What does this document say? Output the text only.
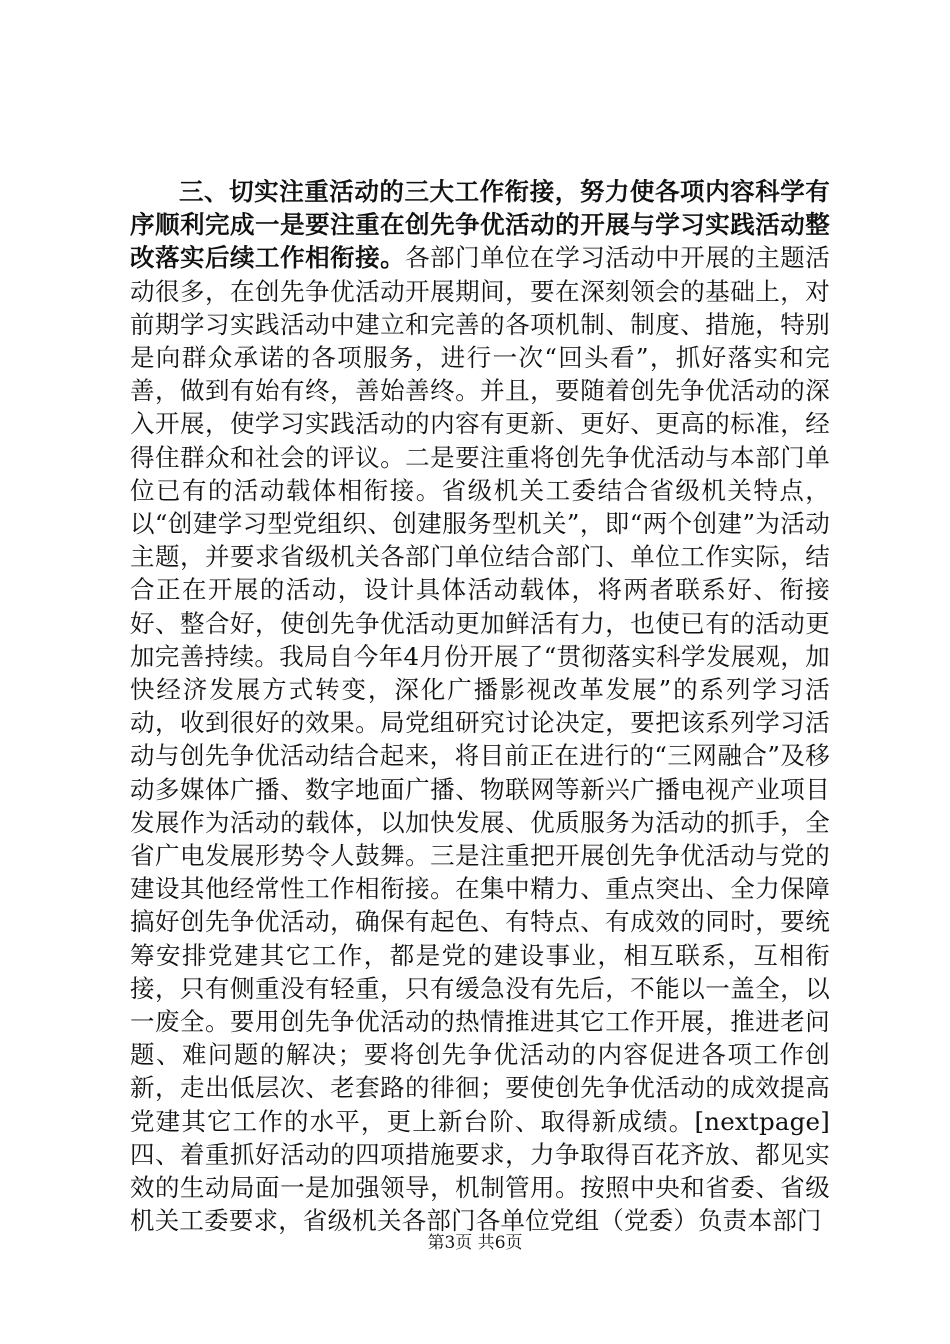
三、切实注重活动的三大工作衔接，努力使各项内容科学有序顺利完成一是要注重在创先争优活动的开展与学习实践活动整改落实后续工作相衔接。各部门单位在学习活动中开展的主题活动很多，在创先争优活动开展期间，要在深刻领会的基础上，对前期学习实践活动中建立和完善的各项机制、制度、措施，特别是向群众承诺的各项服务，进行一次“回头看”，抓好落实和完善，做到有始有终，善始善终。并且，要随着创先争优活动的深入开展，使学习实践活动的内容有更新、更好、更高的标准，经得住群众和社会的评议。二是要注重将创先争优活动与本部门单位已有的活动载体相衔接。省级机关工委结合省级机关特点，以“创建学习型党组织、创建服务型机关”，即“两个创建”为活动主题，并要求省级机关各部门单位结合部门、单位工作实际，结合正在开展的活动，设计具体活动载体，将两者联系好、衔接好、整合好，使创先争优活动更加鲜活有力，也使已有的活动更加完善持续。我局自今年4月份开展了“贯彻落实科学发展观，加快经济发展方式转变，深化广播影视改革发展”的系列学习活动，收到很好的效果。局党组研究讨论决定，要把该系列学习活动与创先争优活动结合起来，将目前正在进行的“三网融合”及移动多媒体广播、数字地面广播、物联网等新兴广播电视产业项目发展作为活动的载体，以加快发展、优质服务为活动的抓手，全省广电发展形势令人鼓舞。三是注重把开展创先争优活动与党的建设其他经常性工作相衔接。在集中精力、重点突出、全力保障搞好创先争优活动，确保有起色、有特点、有成效的同时，要统筹安排党建其它工作，都是党的建设事业，相互联系，互相衔接，只有侧重没有轻重，只有缓急没有先后，不能以一盖全，以一废全。要用创先争优活动的热情推进其它工作开展，推进老问题、难问题的解决；要将创先争优活动的内容促进各项工作创新，走出低层次、老套路的徘徊；要使创先争优活动的成效提高党建其它工作的水平，更上新台阶、取得新成绩。[nextpage]四、着重抓好活动的四项措施要求，力争取得百花齐放、都见实效的生动局面一是加强领导，机制管用。按照中央和省委、省级机关工委要求，省级机关各部门各单位党组（党委）负责本部门

第3页 共6页
